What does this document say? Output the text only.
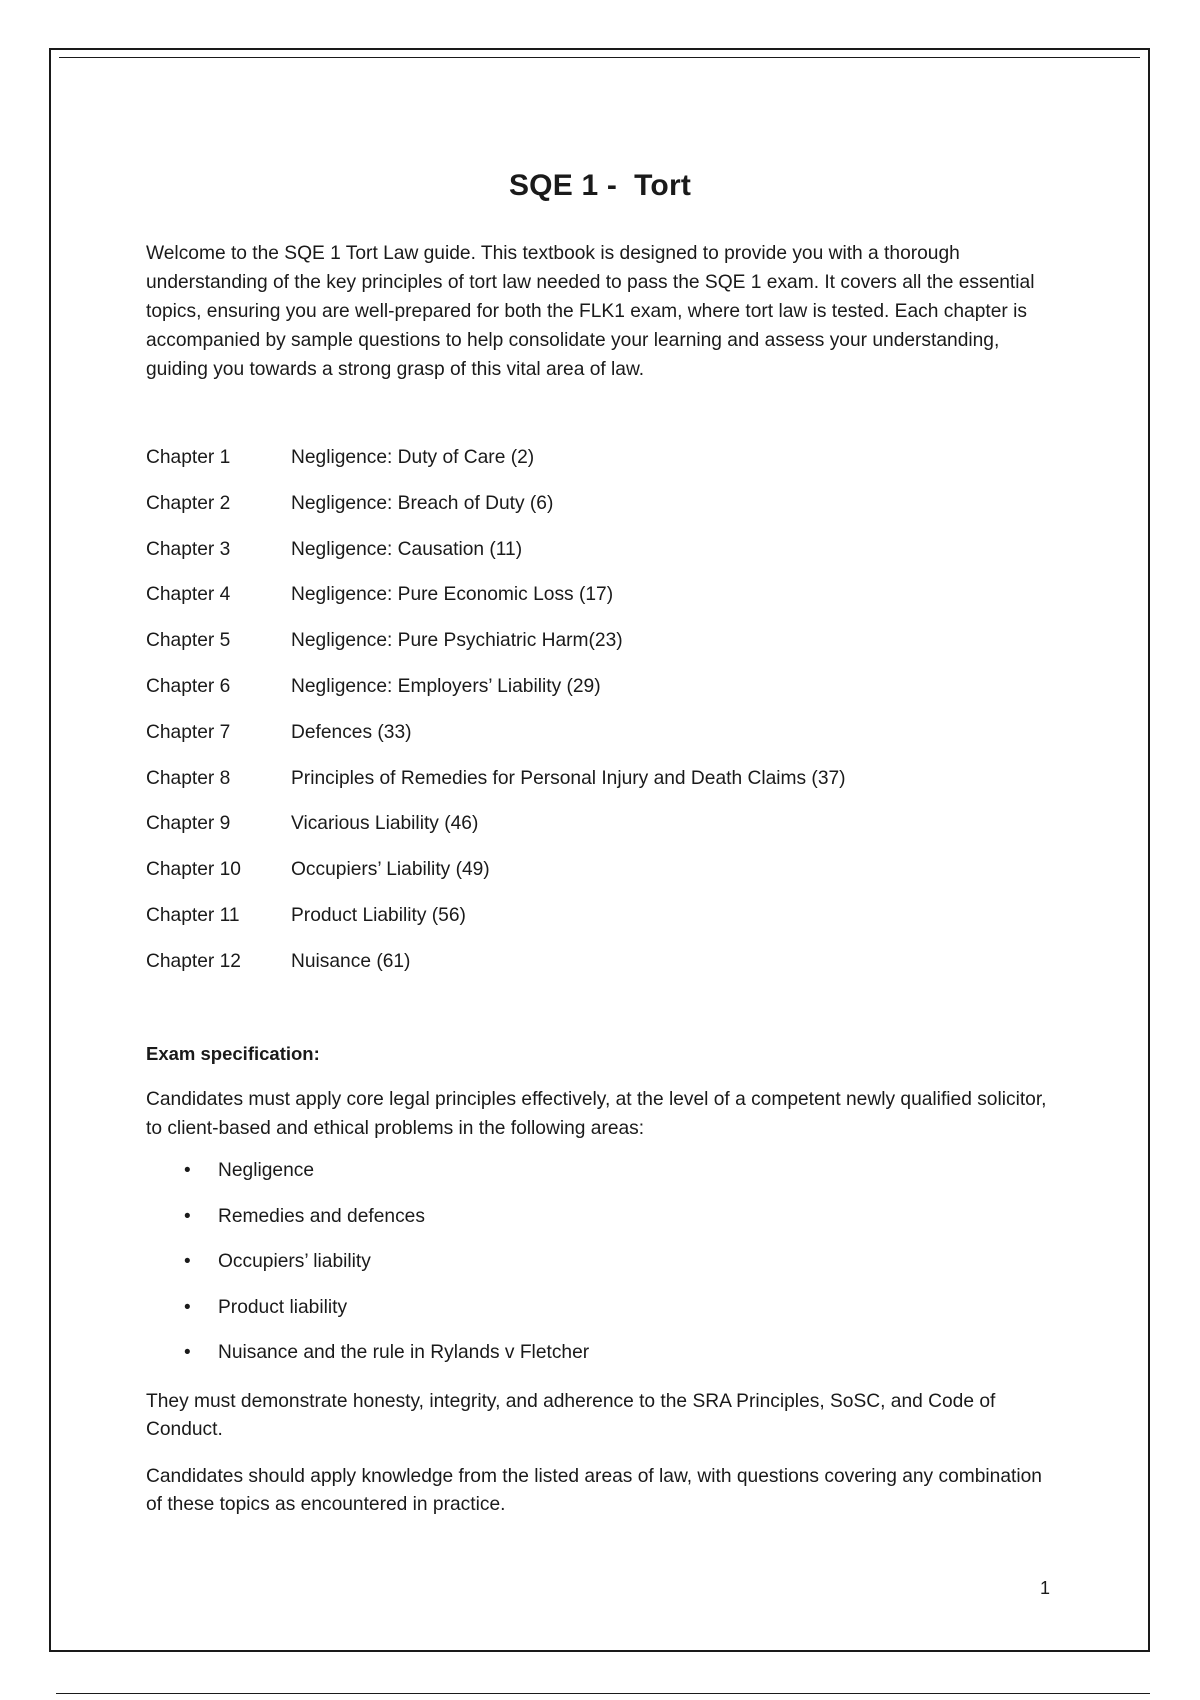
SQE 1 -  Tort

Welcome to the SQE 1 Tort Law guide. This textbook is designed to provide you with a thorough understanding of the key principles of tort law needed to pass the SQE 1 exam. It covers all the essential topics, ensuring you are well-prepared for both the FLK1 exam, where tort law is tested. Each chapter is accompanied by sample questions to help consolidate your learning and assess your understanding, guiding you towards a strong grasp of this vital area of law.

Chapter 1	Negligence: Duty of Care (2)
Chapter 2	Negligence: Breach of Duty (6)
Chapter 3	Negligence: Causation (11)
Chapter 4	Negligence: Pure Economic Loss (17)
Chapter 5	Negligence: Pure Psychiatric Harm(23)
Chapter 6	Negligence: Employers’ Liability (29)
Chapter 7	Defences (33)
Chapter 8	Principles of Remedies for Personal Injury and Death Claims (37)
Chapter 9	Vicarious Liability (46)
Chapter 10	Occupiers’ Liability (49)
Chapter 11	Product Liability (56)
Chapter 12	Nuisance (61)
Exam specification:

Candidates must apply core legal principles effectively, at the level of a competent newly qualified solicitor, to client-based and ethical problems in the following areas:

• Negligence
• Remedies and defences
• Occupiers’ liability
• Product liability
• Nuisance and the rule in Rylands v Fletcher

They must demonstrate honesty, integrity, and adherence to the SRA Principles, SoSC, and Code of Conduct.

Candidates should apply knowledge from the listed areas of law, with questions covering any combination of these topics as encountered in practice.

1
